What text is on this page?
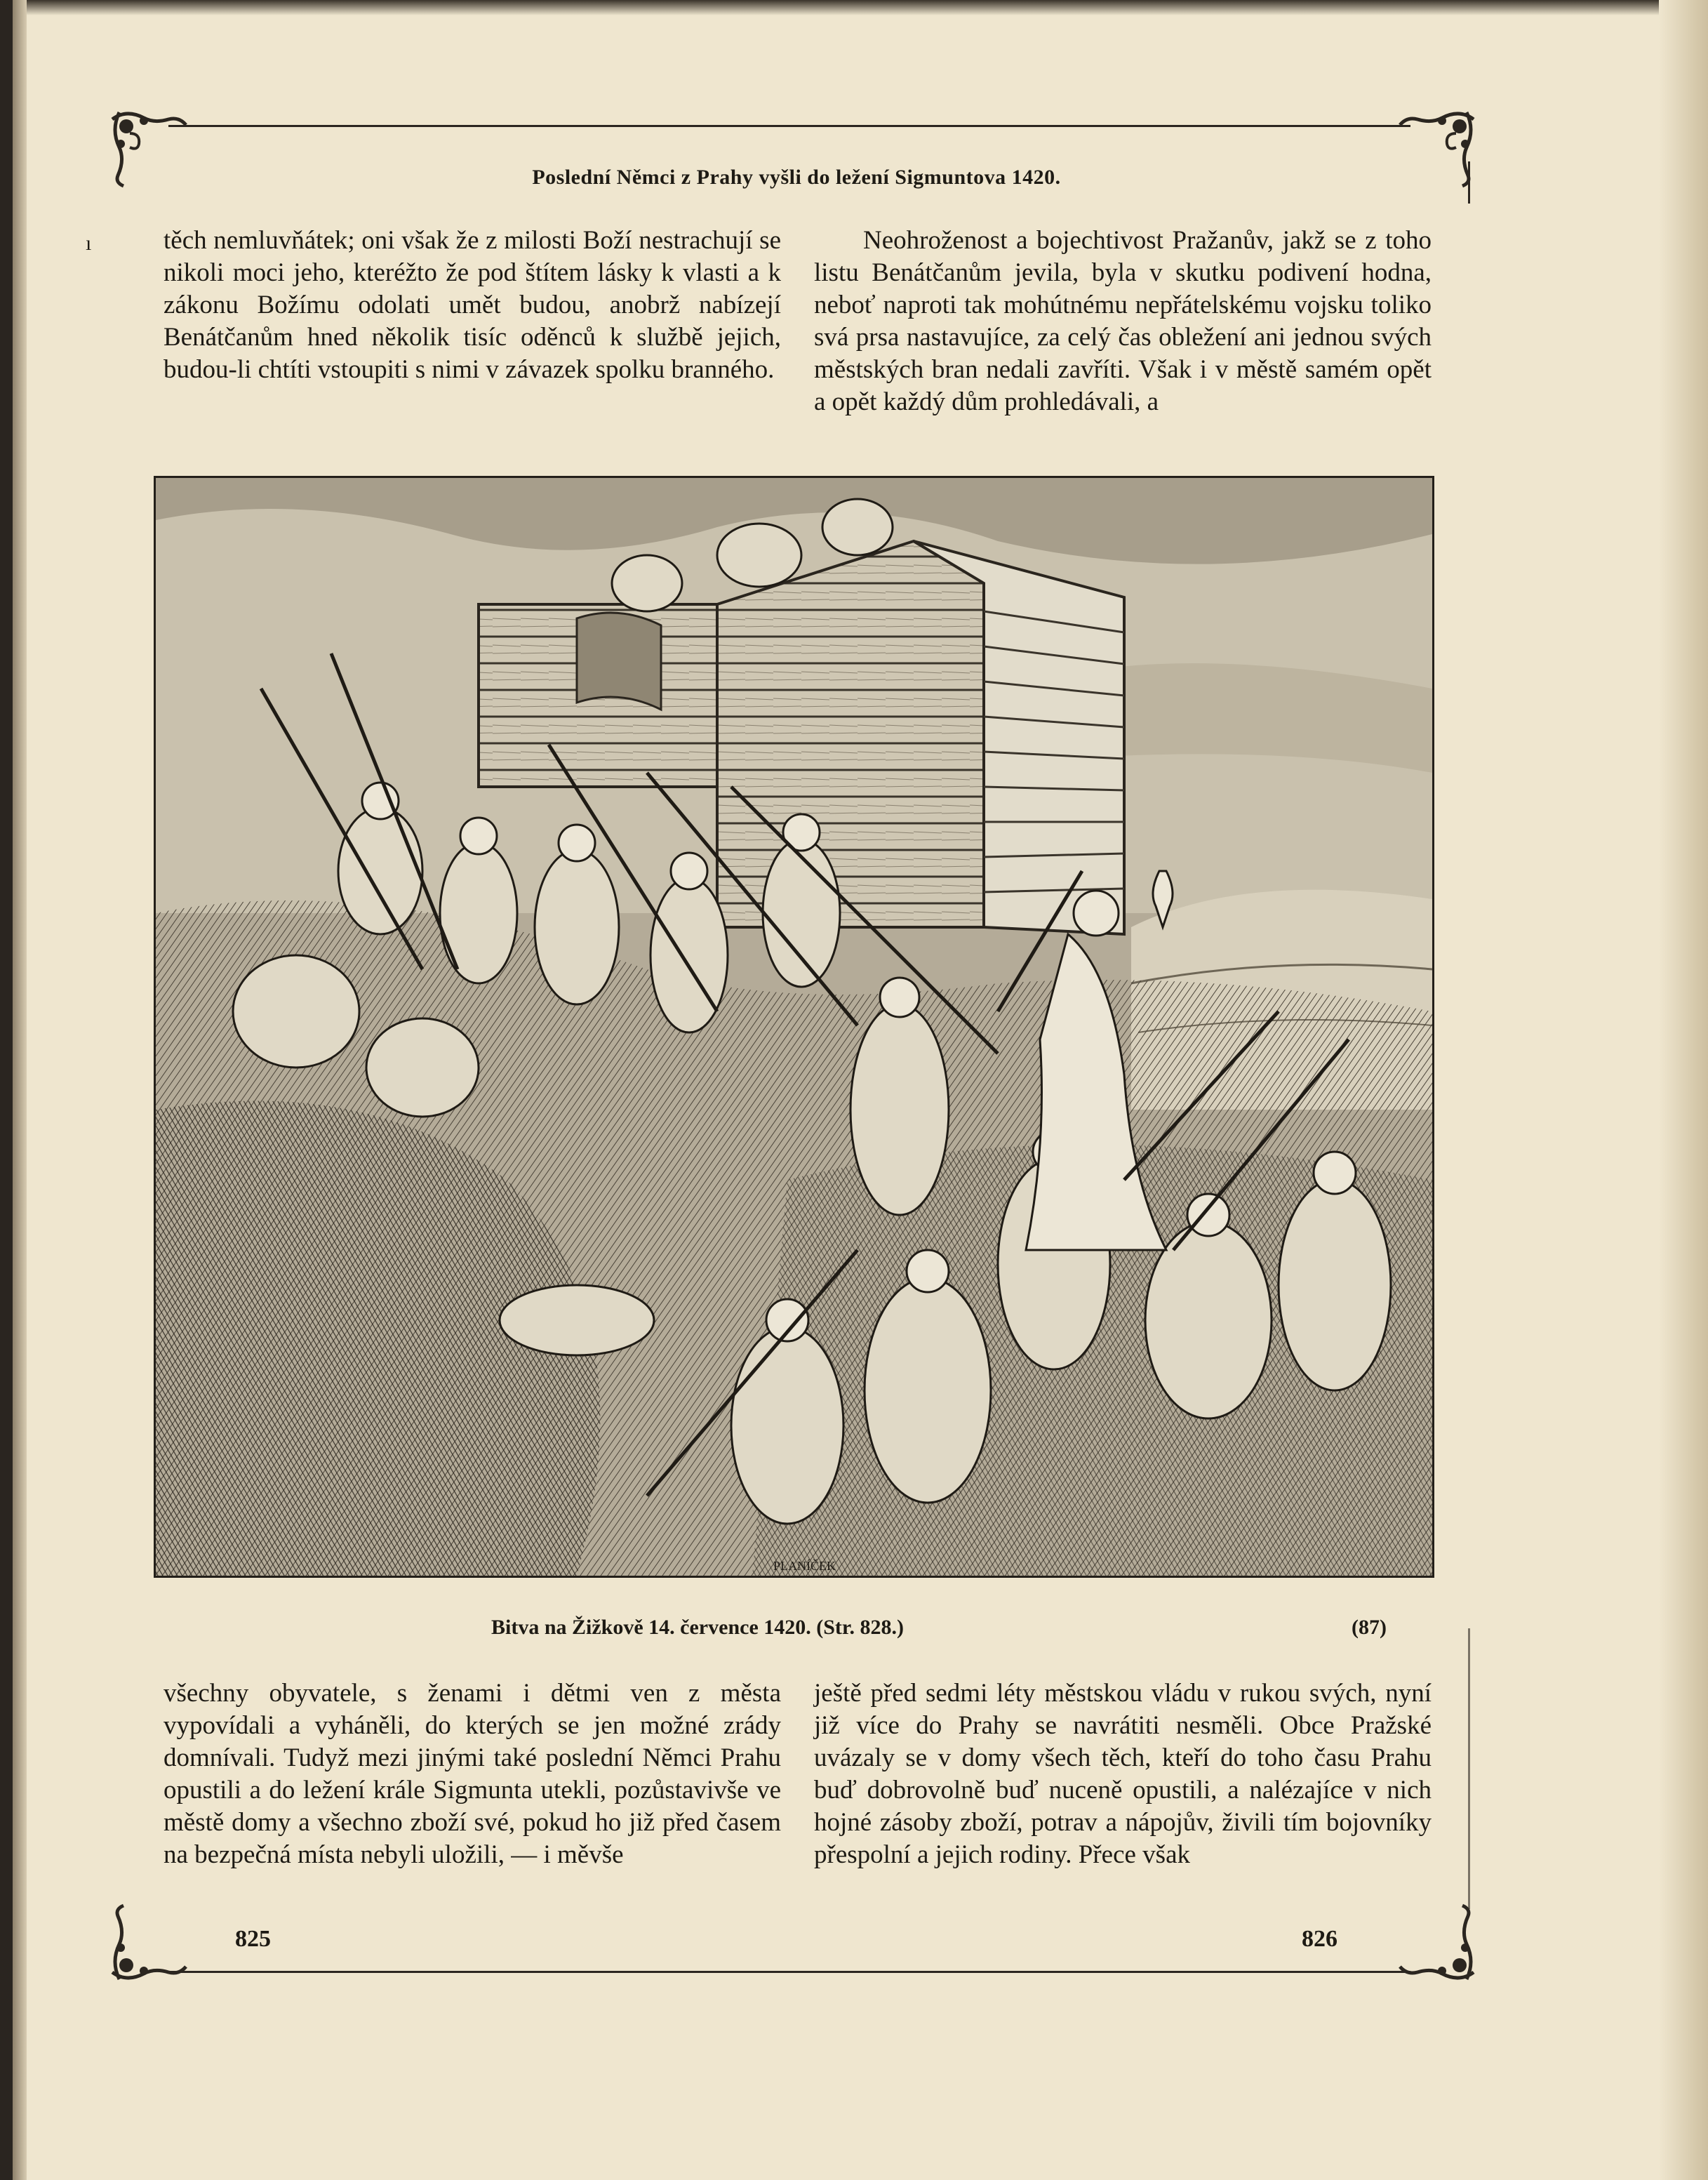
Poslední Němci z Prahy vyšli do ležení Sigmuntova 1420.
ı	těch nemluvňátek; oni však že z milosti Boží nestrachují se nikoli moci jeho, kteréžto že pod štítem lásky k vlasti a k zákonu Božímu odolati umět budou, anobrž nabízejí Benátčanům hned několik tisíc oděnců k službě jejich, budou-li chtíti vstoupiti s nimi v závazek spolku branného.

Neohroženost a bojechtivost Pražanův, jakž se z toho listu Benátčanům jevila, byla v skutku podivení hodna, neboť naproti tak mohútnému nepřátelskému vojsku toliko svá prsa nastavujíce, za celý čas obležení ani jednou svých městských bran nedali zavříti. Však i v městě samém opět a opět každý dům prohledávali, a

PLANÍČEK
Bitva na Žižkově 14. července 1420. (Str. 828.)	(87)

všechny obyvatele, s ženami i dětmi ven z města vypovídali a vyháněli, do kterých se jen možné zrády domnívali. Tudyž mezi jinými také poslední Němci Prahu opustili a do ležení krále Sigmunta utekli, pozůstavivše ve městě domy a všechno zboží své, pokud ho již před časem na bezpečná místa nebyli uložili, — i měvše

ještě před sedmi léty městskou vládu v rukou svých, nyní již více do Prahy se navrátiti nesměli. Obce Pražské uvázaly se v domy všech těch, kteří do toho času Prahu buď dobrovolně buď nuceně opustili, a nalézajíce v nich hojné zásoby zboží, potrav a nápojův, živili tím bojovníky přespolní a jejich rodiny. Přece však

825	826
